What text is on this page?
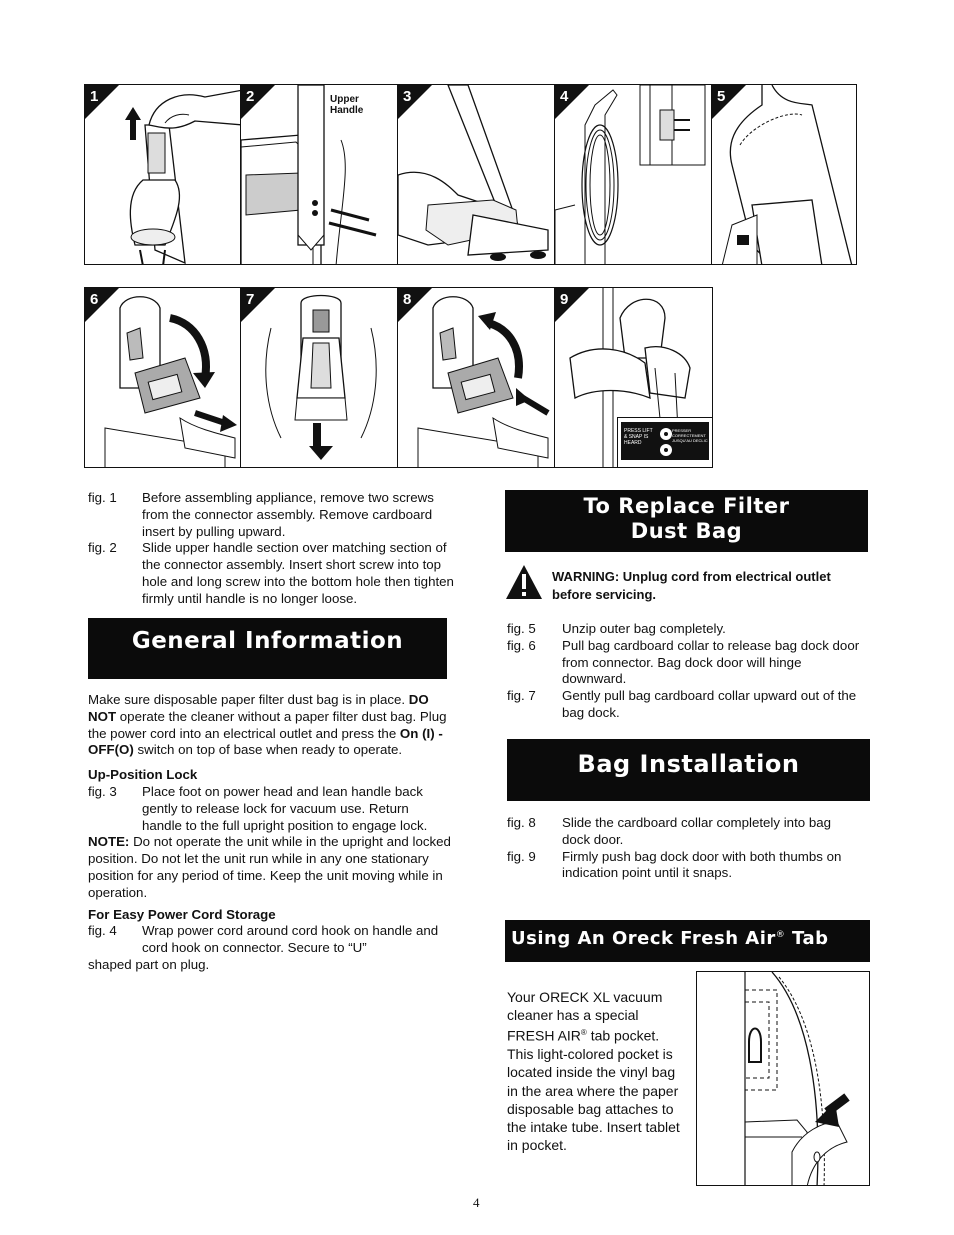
1	2	Upper Handle
3	4	5
6	7	8
PRESS LIFT & SNAP IS HEARD
PRESSER CORRECTEMENT JUSQU'AU DECLIC
9
fig. 1 Before assembling appliance, remove two screws from the connector assembly. Remove cardboard insert by pulling upward.
fig. 2 Slide upper handle section over matching section of the connector assembly. Insert short screw into top hole and long screw into the bottom hole then tighten firmly until handle is no longer loose.
General Information
Make sure disposable paper filter dust bag is in place. DO NOT operate the cleaner without a paper filter dust bag. Plug the power cord into an electrical outlet and press the On (I) - OFF(O) switch on top of base when ready to operate.
Up-Position Lock
fig. 3 Place foot on power head and lean handle back gently to release lock for vacuum use. Return handle to the full upright position to engage lock.
NOTE: Do not operate the unit while in the upright and locked position. Do not let the unit run while in any one stationary position for any period of time. Keep the unit moving while in operation.
For Easy Power Cord Storage
fig. 4 Wrap power cord around cord hook on handle and cord hook on connector. Secure to “U”
shaped part on plug.
To Replace Filter
Dust Bag
WARNING: Unplug cord from electrical outlet before servicing.
fig. 5 Unzip outer bag completely.
fig. 6 Pull bag cardboard collar to release bag dock door from connector. Bag dock door will hinge downward.
fig. 7 Gently pull bag cardboard collar upward out of the bag dock.
Bag Installation
fig. 8 Slide the cardboard collar completely into bag dock door.
fig. 9 Firmly push bag dock door with both thumbs on indication point until it snaps.
Using An Oreck Fresh Air® Tab
Your ORECK XL vacuum cleaner has a special FRESH AIR® tab pocket. This light-colored pocket is located inside the vinyl bag in the area where the paper disposable bag attaches to the intake tube. Insert tablet in pocket.
4
